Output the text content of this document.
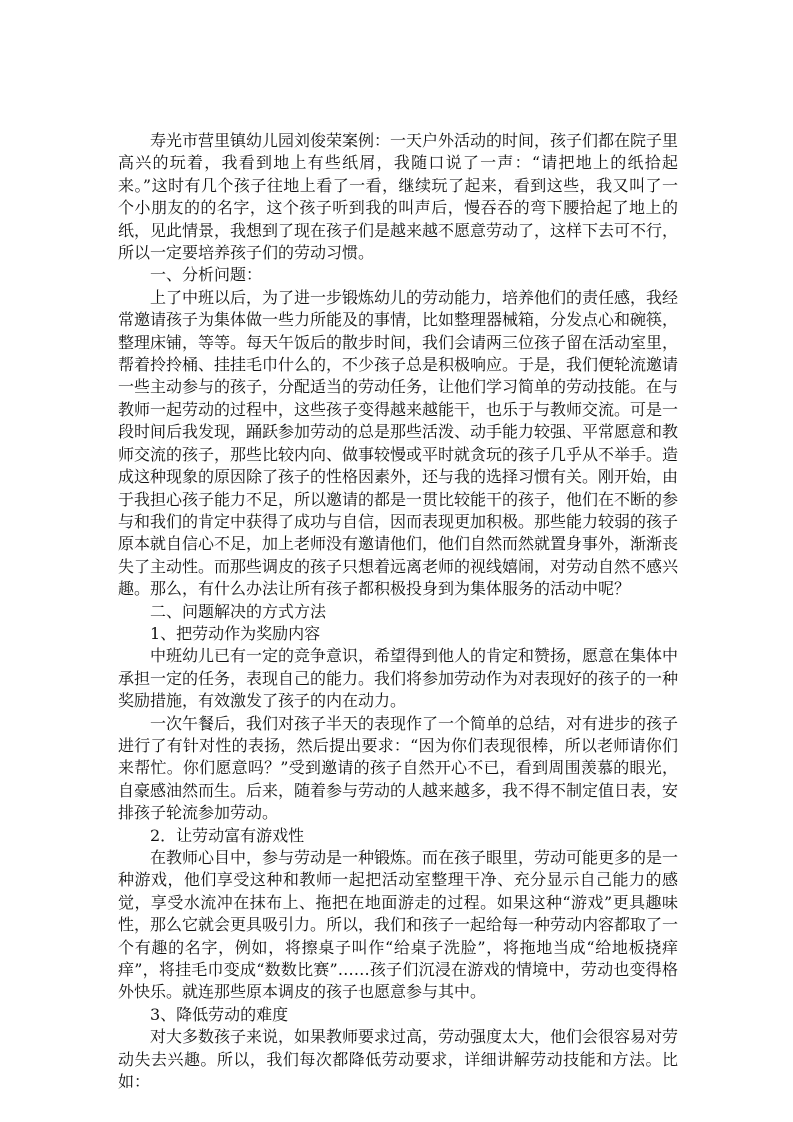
寿光市营里镇幼儿园刘俊荣案例：一天户外活动的时间，孩子们都在院子里高兴的玩着，我看到地上有些纸屑，我随口说了一声：“请把地上的纸拾起来。”这时有几个孩子往地上看了一看，继续玩了起来，看到这些，我又叫了一个小朋友的的名字，这个孩子听到我的叫声后，慢吞吞的弯下腰拾起了地上的纸，见此情景，我想到了现在孩子们是越来越不愿意劳动了，这样下去可不行，所以一定要培养孩子们的劳动习惯。

一、分析问题：

上了中班以后，为了进一步锻炼幼儿的劳动能力，培养他们的责任感，我经常邀请孩子为集体做一些力所能及的事情，比如整理器械箱，分发点心和碗筷，整理床铺，等等。每天午饭后的散步时间，我们会请两三位孩子留在活动室里，帮着拎拎桶、挂挂毛巾什么的，不少孩子总是积极响应。于是，我们便轮流邀请一些主动参与的孩子，分配适当的劳动任务，让他们学习简单的劳动技能。在与教师一起劳动的过程中，这些孩子变得越来越能干，也乐于与教师交流。可是一段时间后我发现，踊跃参加劳动的总是那些活泼、动手能力较强、平常愿意和教师交流的孩子，那些比较内向、做事较慢或平时就贪玩的孩子几乎从不举手。造成这种现象的原因除了孩子的性格因素外，还与我的选择习惯有关。刚开始，由于我担心孩子能力不足，所以邀请的都是一贯比较能干的孩子，他们在不断的参与和我们的肯定中获得了成功与自信，因而表现更加积极。那些能力较弱的孩子原本就自信心不足，加上老师没有邀请他们，他们自然而然就置身事外，渐渐丧失了主动性。而那些调皮的孩子只想着远离老师的视线嬉闹，对劳动自然不感兴趣。那么，有什么办法让所有孩子都积极投身到为集体服务的活动中呢？

二、问题解决的方式方法

1、把劳动作为奖励内容

中班幼儿已有一定的竞争意识，希望得到他人的肯定和赞扬，愿意在集体中承担一定的任务，表现自己的能力。我们将参加劳动作为对表现好的孩子的一种奖励措施，有效激发了孩子的内在动力。

一次午餐后，我们对孩子半天的表现作了一个简单的总结，对有进步的孩子进行了有针对性的表扬，然后提出要求：“因为你们表现很棒，所以老师请你们来帮忙。你们愿意吗？”受到邀请的孩子自然开心不已，看到周围羡慕的眼光，自豪感油然而生。后来，随着参与劳动的人越来越多，我不得不制定值日表，安排孩子轮流参加劳动。

2．让劳动富有游戏性

在教师心目中，参与劳动是一种锻炼。而在孩子眼里，劳动可能更多的是一种游戏，他们享受这种和教师一起把活动室整理干净、充分显示自己能力的感觉，享受水流冲在抹布上、拖把在地面游走的过程。如果这种“游戏”更具趣味性，那么它就会更具吸引力。所以，我们和孩子一起给每一种劳动内容都取了一个有趣的名字，例如，将擦桌子叫作“给桌子洗脸”，将拖地当成“给地板挠痒痒”，将挂毛巾变成“数数比赛”……孩子们沉浸在游戏的情境中，劳动也变得格外快乐。就连那些原本调皮的孩子也愿意参与其中。

3、降低劳动的难度

对大多数孩子来说，如果教师要求过高，劳动强度太大，他们会很容易对劳动失去兴趣。所以，我们每次都降低劳动要求，详细讲解劳动技能和方法。比如：
